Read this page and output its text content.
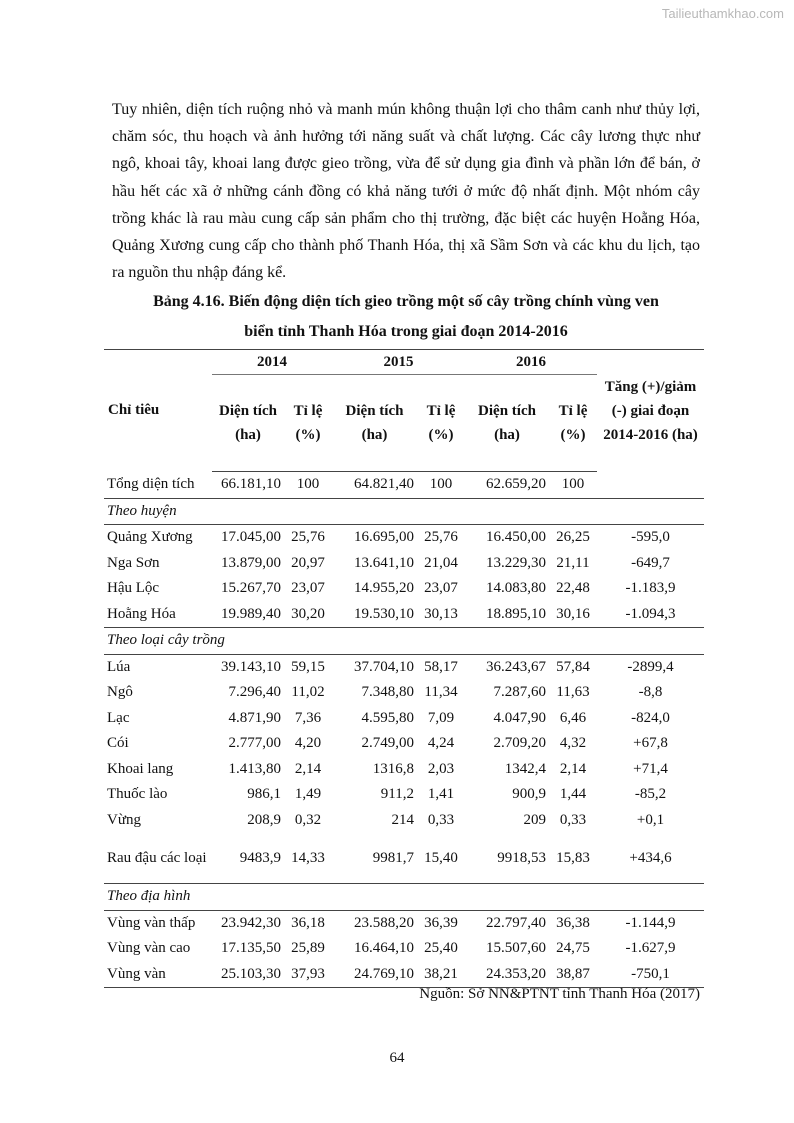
Tailieuthamkhao.com

Tuy nhiên, diện tích ruộng nhỏ và manh mún không thuận lợi cho thâm canh như thủy lợi, chăm sóc, thu hoạch và ảnh hưởng tới năng suất và chất lượng. Các cây lương thực như ngô, khoai tây, khoai lang được gieo trồng, vừa để sử dụng gia đình và phần lớn để bán, ở hầu hết các xã ở những cánh đồng có khả năng tưới ở mức độ nhất định. Một nhóm cây trồng khác là rau màu cung cấp sản phẩm cho thị trường, đặc biệt các huyện Hoằng Hóa, Quảng Xương cung cấp cho thành phố Thanh Hóa, thị xã Sầm Sơn và các khu du lịch, tạo ra nguồn thu nhập đáng kể.

Bảng 4.16. Biến động diện tích gieo trồng một số cây trồng chính vùng ven
biển tỉnh Thanh Hóa trong giai đoạn 2014-2016
Chỉ tiêu	2014		2015		2016		Tăng (+)/giảm (-) giai đoạn 2014-2016 (ha)
	Diện tích (ha)	Tỉ lệ (%)	Diện tích (ha)	Tỉ lệ (%)	Diện tích (ha)	Tỉ lệ (%)	
Tổng diện tích	66.181,10	100	64.821,40	100	62.659,20	100	
Theo huyện							
Quảng Xương	17.045,00	25,76	16.695,00	25,76	16.450,00	26,25	-595,0
Nga Sơn	13.879,00	20,97	13.641,10	21,04	13.229,30	21,11	-649,7
Hậu Lộc	15.267,70	23,07	14.955,20	23,07	14.083,80	22,48	-1.183,9
Hoằng Hóa	19.989,40	30,20	19.530,10	30,13	18.895,10	30,16	-1.094,3
Theo loại cây trồng							
Lúa	39.143,10	59,15	37.704,10	58,17	36.243,67	57,84	-2899,4
Ngô	7.296,40	11,02	7.348,80	11,34	7.287,60	11,63	-8,8
Lạc	4.871,90	7,36	4.595,80	7,09	4.047,90	6,46	-824,0
Cói	2.777,00	4,20	2.749,00	4,24	2.709,20	4,32	+67,8
Khoai lang	1.413,80	2,14	1316,8	2,03	1342,4	2,14	+71,4
Thuốc lào	986,1	1,49	911,2	1,41	900,9	1,44	-85,2
Vừng	208,9	0,32	214	0,33	209	0,33	+0,1
Rau đậu các loại	9483,9	14,33	9981,7	15,40	9918,53	15,83	+434,6
Theo địa hình							
Vùng vàn thấp	23.942,30	36,18	23.588,20	36,39	22.797,40	36,38	-1.144,9
Vùng vàn cao	17.135,50	25,89	16.464,10	25,40	15.507,60	24,75	-1.627,9
Vùng vàn	25.103,30	37,93	24.769,10	38,21	24.353,20	38,87	-750,1
Nguồn: Sở NN&PTNT tỉnh Thanh Hóa (2017)
64
